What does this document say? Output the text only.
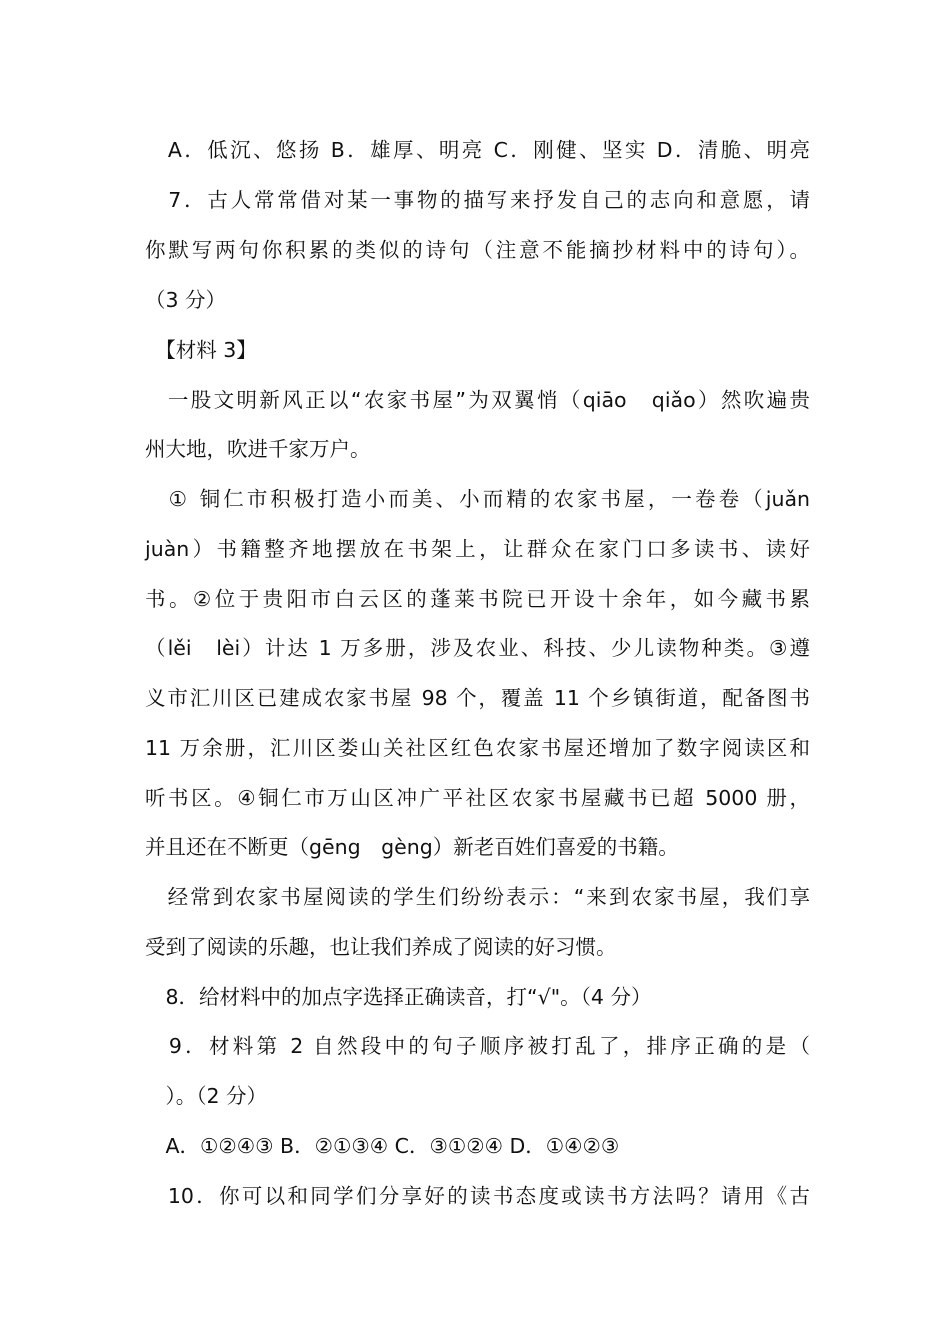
　A．低沉、悠扬 B．雄厚、明亮 C．刚健、坚实 D．清脆、明亮
　7．古人常常借对某一事物的描写来抒发自己的志向和意愿，请
你默写两句你积累的类似的诗句（注意不能摘抄材料中的诗句）。
（3 分）
　【材料 3】
　一股文明新风正以“农家书屋”为双翼悄（qiāo　qiǎo）然吹遍贵
州大地，吹进千家万户。
　① 铜仁市积极打造小而美、小而精的农家书屋，一卷卷（juǎn
juàn）书籍整齐地摆放在书架上，让群众在家门口多读书、读好
书。②位于贵阳市白云区的蓬莱书院已开设十余年，如今藏书累
（lěi　lèi）计达 1 万多册，涉及农业、科技、少儿读物种类。③遵
义市汇川区已建成农家书屋 98 个，覆盖 11 个乡镇街道，配备图书
11 万余册，汇川区娄山关社区红色农家书屋还增加了数字阅读区和
听书区。④铜仁市万山区冲广平社区农家书屋藏书已超 5000 册，
并且还在不断更（gēng　gèng）新老百姓们喜爱的书籍。
　经常到农家书屋阅读的学生们纷纷表示：“来到农家书屋，我们享
受到了阅读的乐趣，也让我们养成了阅读的好习惯。
　8．给材料中的加点字选择正确读音，打“√"。（4 分）
　9．材料第 2 自然段中的句子顺序被打乱了，排序正确的是（
　）。（2 分）
　A．①②④③ B．②①③④ C．③①②④ D．①④②③
　10．你可以和同学们分享好的读书态度或读书方法吗？请用《古
